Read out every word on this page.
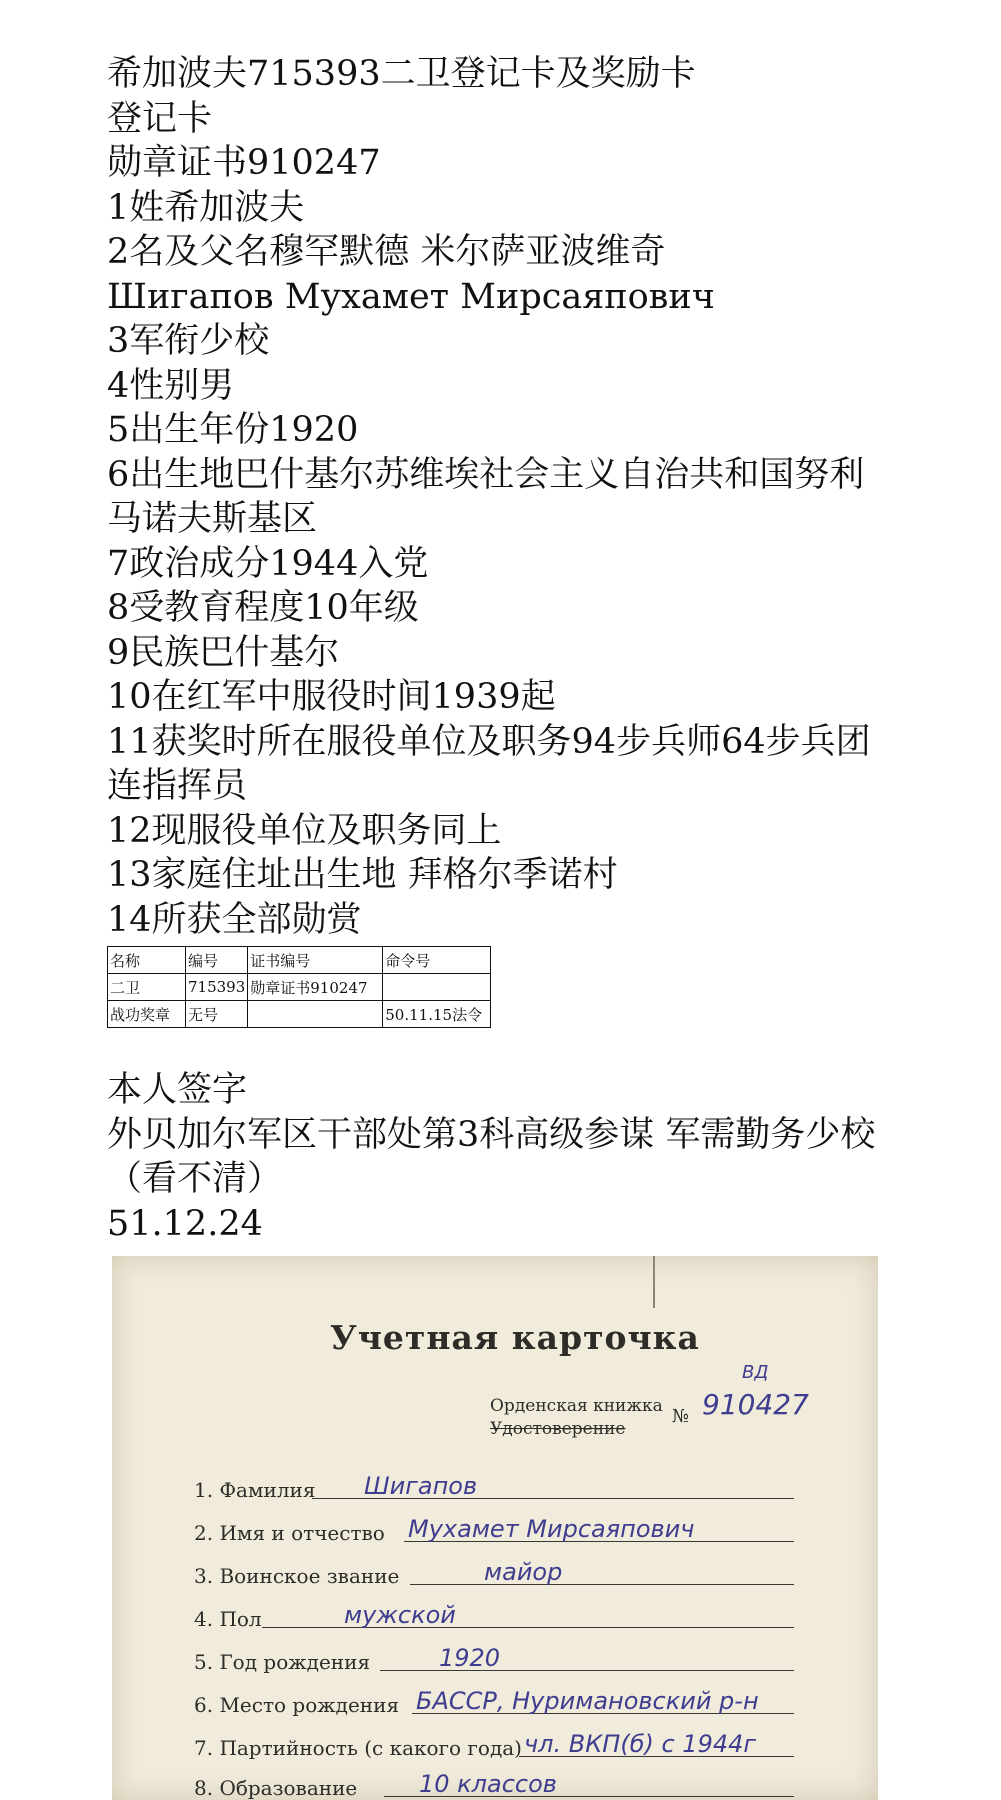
希加波夫715393二卫登记卡及奖励卡
登记卡
勋章证书910247
1姓希加波夫
2名及父名穆罕默德 米尔萨亚波维奇
Шигапов Мухамет Мирсаяпович
3军衔少校
4性别男
5出生年份1920
6出生地巴什基尔苏维埃社会主义自治共和国努利马诺夫斯基区
7政治成分1944入党
8受教育程度10年级
9民族巴什基尔
10在红军中服役时间1939起
11获奖时所在服役单位及职务94步兵师64步兵团连指挥员
12现服役单位及职务同上
13家庭住址出生地 拜格尔季诺村
14所获全部勋赏
名称	编号	证书编号	命令号
二卫	715393	勋章证书910247	
战功奖章	无号		50.11.15法令
本人签字
外贝加尔军区干部处第3科高级参谋 军需勤务少校 （看不清）
51.12.24
Учетная карточка
Орденская книжка
Удостоверение
№
ВД
910427
1. Фамилия Шигапов
2. Имя и отчество Мухамет Мирсаяпович
3. Воинское звание	майор
4. Пол	мужской
5. Год рождения	1920
6. Место рождения БАССР, Нуримановский р-н
7. Партийность (с какого года) чл. ВКП(б) с 1944г
8. Образование	10 классов
